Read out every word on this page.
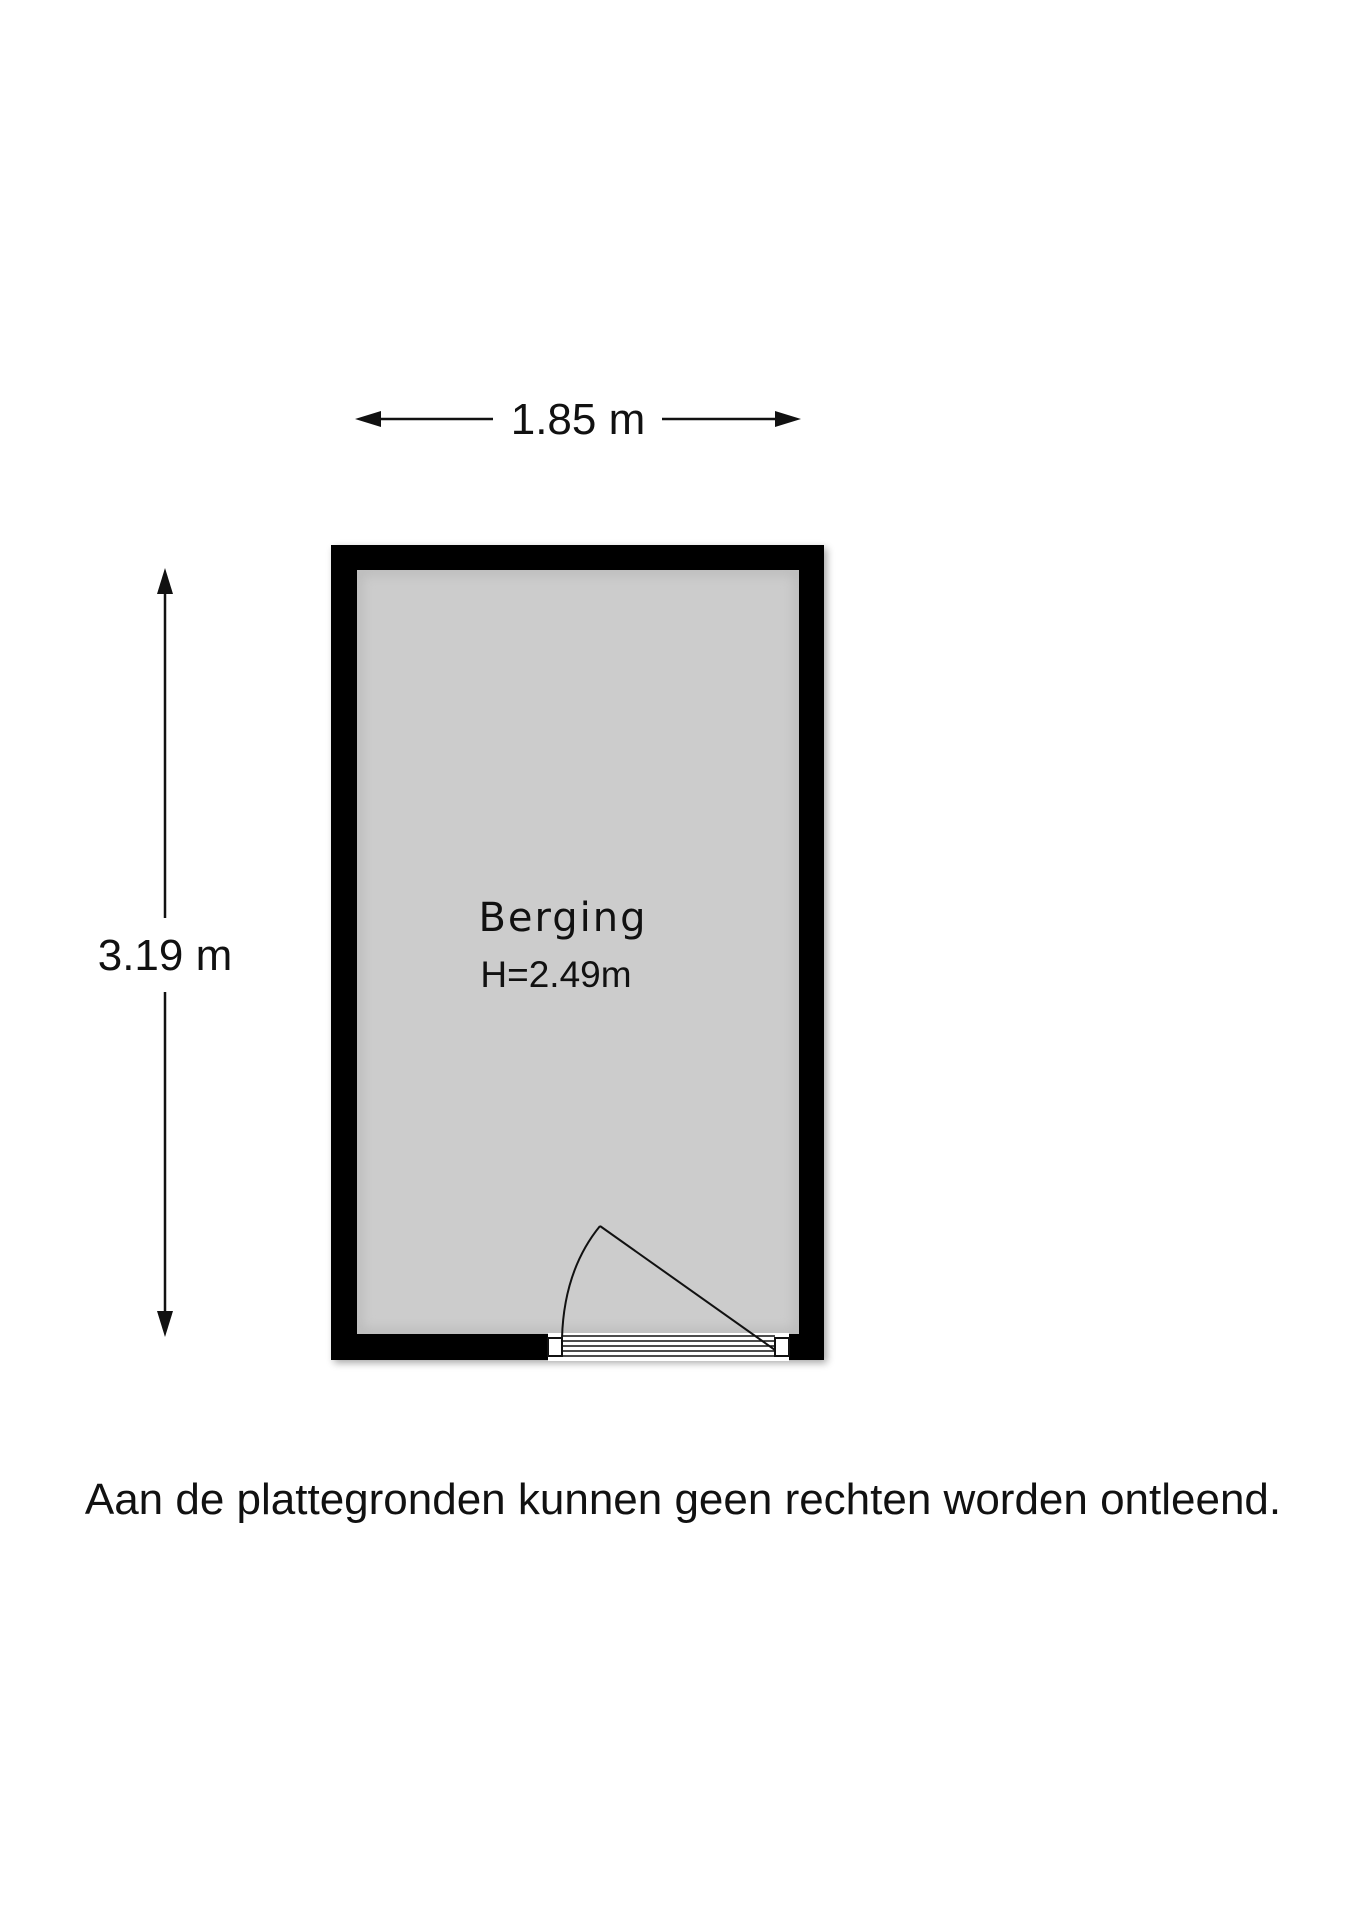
1.85 m
3.19 m
Berging
H=2.49m
Aan de plattegronden kunnen geen rechten worden ontleend.
